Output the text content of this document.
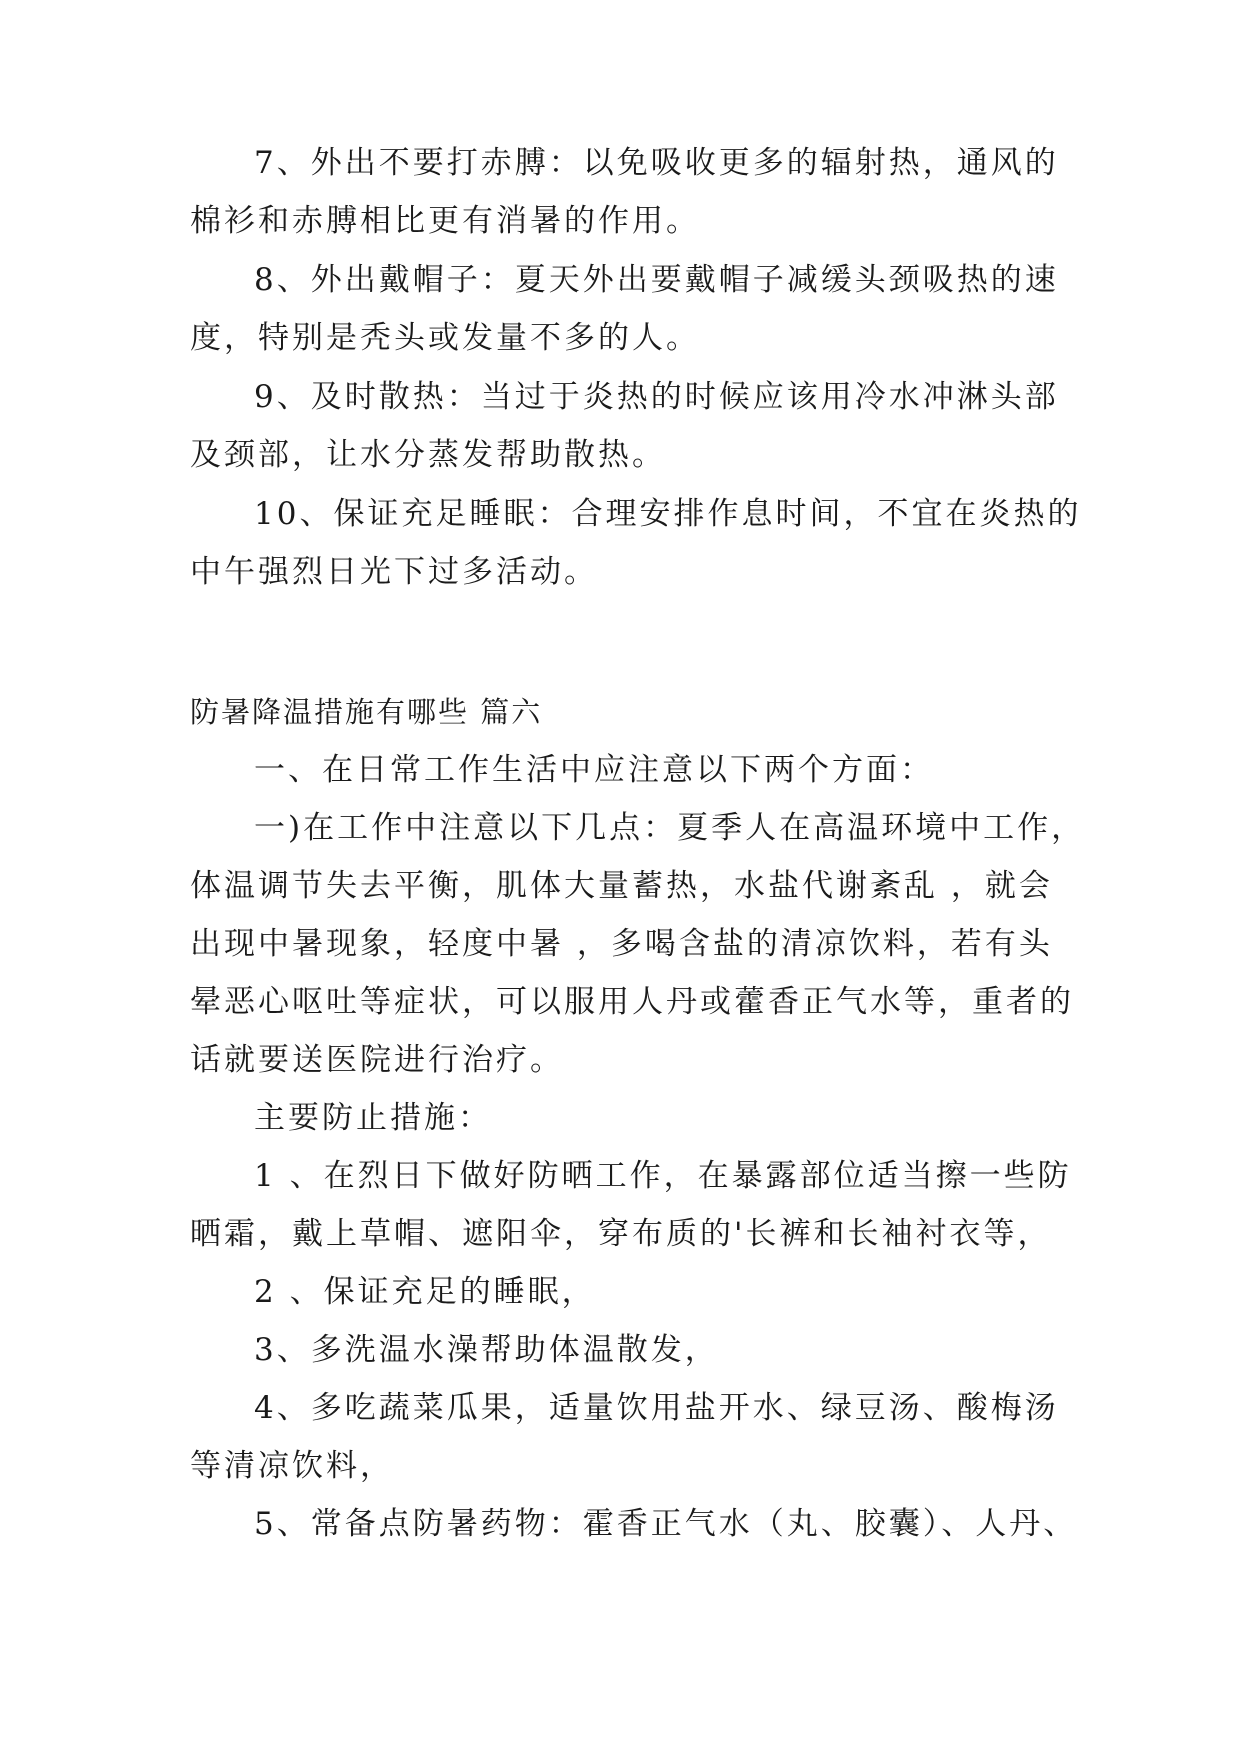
7、外出不要打赤膊：以免吸收更多的辐射热，通风的
棉衫和赤膊相比更有消暑的作用。

8、外出戴帽子：夏天外出要戴帽子减缓头颈吸热的速
度，特别是秃头或发量不多的人。

9、及时散热：当过于炎热的时候应该用冷水冲淋头部
及颈部，让水分蒸发帮助散热。

10、保证充足睡眠：合理安排作息时间，不宜在炎热的
中午强烈日光下过多活动。

防暑降温措施有哪些 篇六

一、在日常工作生活中应注意以下两个方面：

一)在工作中注意以下几点：夏季人在高温环境中工作，
体温调节失去平衡，肌体大量蓄热，水盐代谢紊乱 ，就会
出现中暑现象，轻度中暑 ，多喝含盐的清凉饮料，若有头
晕恶心呕吐等症状，可以服用人丹或藿香正气水等，重者的
话就要送医院进行治疗。

主要防止措施：

1 、在烈日下做好防晒工作，在暴露部位适当擦一些防
晒霜，戴上草帽、遮阳伞，穿布质的'长裤和长袖衬衣等，

2 、保证充足的睡眠，

3、多洗温水澡帮助体温散发，

4、多吃蔬菜瓜果，适量饮用盐开水、绿豆汤、酸梅汤
等清凉饮料，

5、常备点防暑药物：霍香正气水（丸、胶囊）、人丹、
